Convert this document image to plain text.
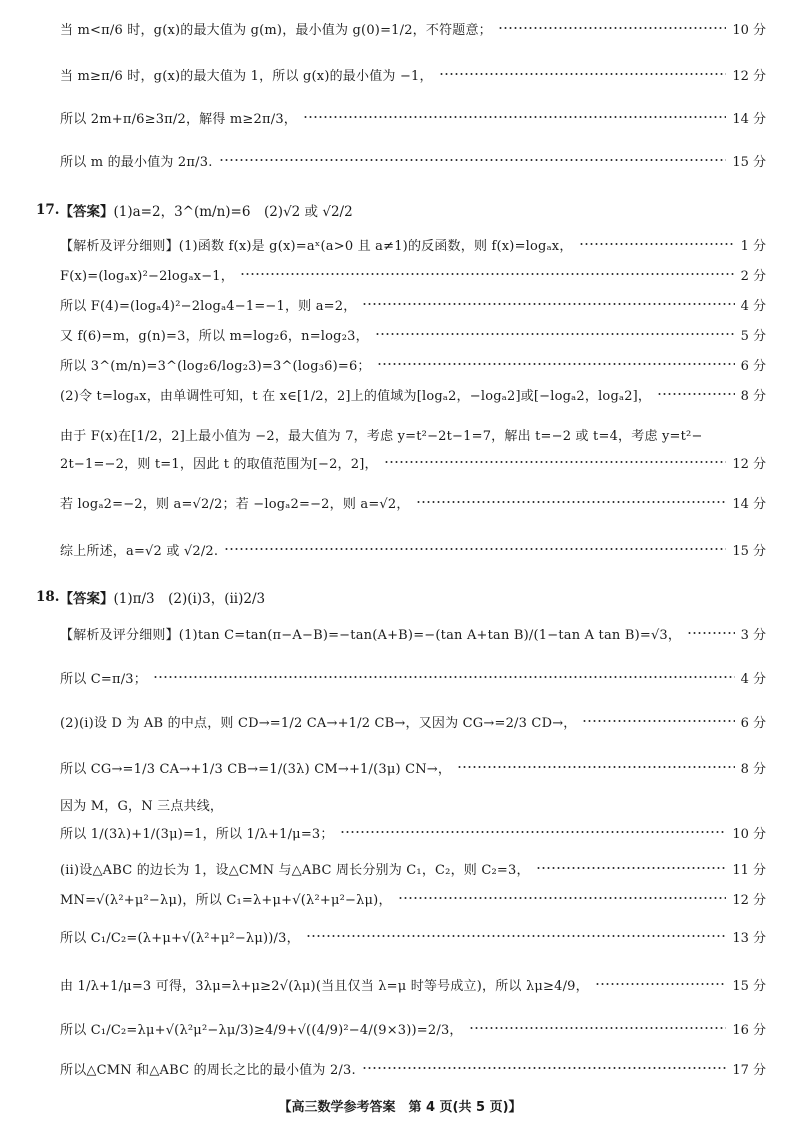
当 m<π/6 时，g(x)的最大值为 g(m)，最小值为 g(0)=1/2，不符题意；	10 分
当 m≥π/6 时，g(x)的最大值为 1，所以 g(x)的最小值为 −1，	12 分
所以 2m+π/6≥3π/2，解得 m≥2π/3，	14 分
所以 m 的最小值为 2π/3.	15 分
17. 【答案】 (1)a=2，3^(m/n)=6　(2)√2 或 √2/2
【解析及评分细则】(1)函数 f(x)是 g(x)=aˣ(a>0 且 a≠1)的反函数，则 f(x)=logₐx，	1 分
F(x)=(logₐx)²−2logₐx−1，	2 分
所以 F(4)=(logₐ4)²−2logₐ4−1=−1，则 a=2，	4 分
又 f(6)=m，g(n)=3，所以 m=log₂6，n=log₂3，	5 分
所以 3^(m/n)=3^(log₂6/log₂3)=3^(log₃6)=6；	6 分
(2)令 t=logₐx，由单调性可知，t 在 x∈[1/2，2]上的值域为[logₐ2，−logₐ2]或[−logₐ2，logₐ2]，	8 分
由于 F(x)在[1/2，2]上最小值为 −2，最大值为 7，考虑 y=t²−2t−1=7，解出 t=−2 或 t=4，考虑 y=t²−
2t−1=−2，则 t=1，因此 t 的取值范围为[−2，2]，	12 分
若 logₐ2=−2，则 a=√2/2；若 −logₐ2=−2，则 a=√2，	14 分
综上所述，a=√2 或 √2/2.	15 分
18. 【答案】 (1)π/3　(2)(i)3，(ii)2/3
【解析及评分细则】(1)tan C=tan(π−A−B)=−tan(A+B)=−(tan A+tan B)/(1−tan A tan B)=√3，	3 分
所以 C=π/3；	4 分
(2)(i)设 D 为 AB 的中点，则 CD→=1/2 CA→+1/2 CB→，又因为 CG→=2/3 CD→，	6 分
所以 CG→=1/3 CA→+1/3 CB→=1/(3λ) CM→+1/(3μ) CN→，	8 分
因为 M，G，N 三点共线，
所以 1/(3λ)+1/(3μ)=1，所以 1/λ+1/μ=3；	10 分
(ii)设△ABC 的边长为 1，设△CMN 与△ABC 周长分别为 C₁，C₂，则 C₂=3，	11 分
MN=√(λ²+μ²−λμ)，所以 C₁=λ+μ+√(λ²+μ²−λμ)，	12 分
所以 C₁/C₂=(λ+μ+√(λ²+μ²−λμ))/3，	13 分
由 1/λ+1/μ=3 可得，3λμ=λ+μ≥2√(λμ)(当且仅当 λ=μ 时等号成立)，所以 λμ≥4/9，	15 分
所以 C₁/C₂=λμ+√(λ²μ²−λμ/3)≥4/9+√((4/9)²−4/(9×3))=2/3，	16 分
所以△CMN 和△ABC 的周长之比的最小值为 2/3.	17 分
【高三数学参考答案　第 4 页(共 5 页)】
